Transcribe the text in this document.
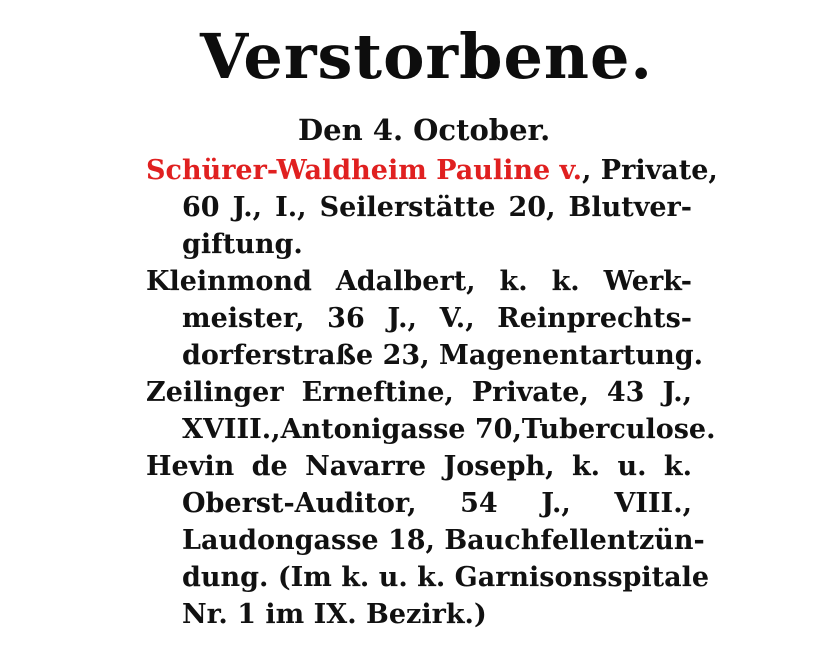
Verstorbene.
Den 4. October.
Schürer-Waldheim Pauline v., Private,
60 J., I., Seilerstätte 20, Blutver-
giftung.
Kleinmond Adalbert, k. k. Werk-
meister, 36 J., V., Reinprechts-
dorferstraße 23, Magenentartung.
Zeilinger Erneftine, Private, 43 J.,
XVIII.,Antonigasse 70,Tuberculose.
Hevin de Navarre Joseph, k. u. k.
Oberst-Auditor, 54 J., VIII.,
Laudongasse 18, Bauchfellentzün-
dung. (Im k. u. k. Garnisonsspitale
Nr. 1 im IX. Bezirk.)
